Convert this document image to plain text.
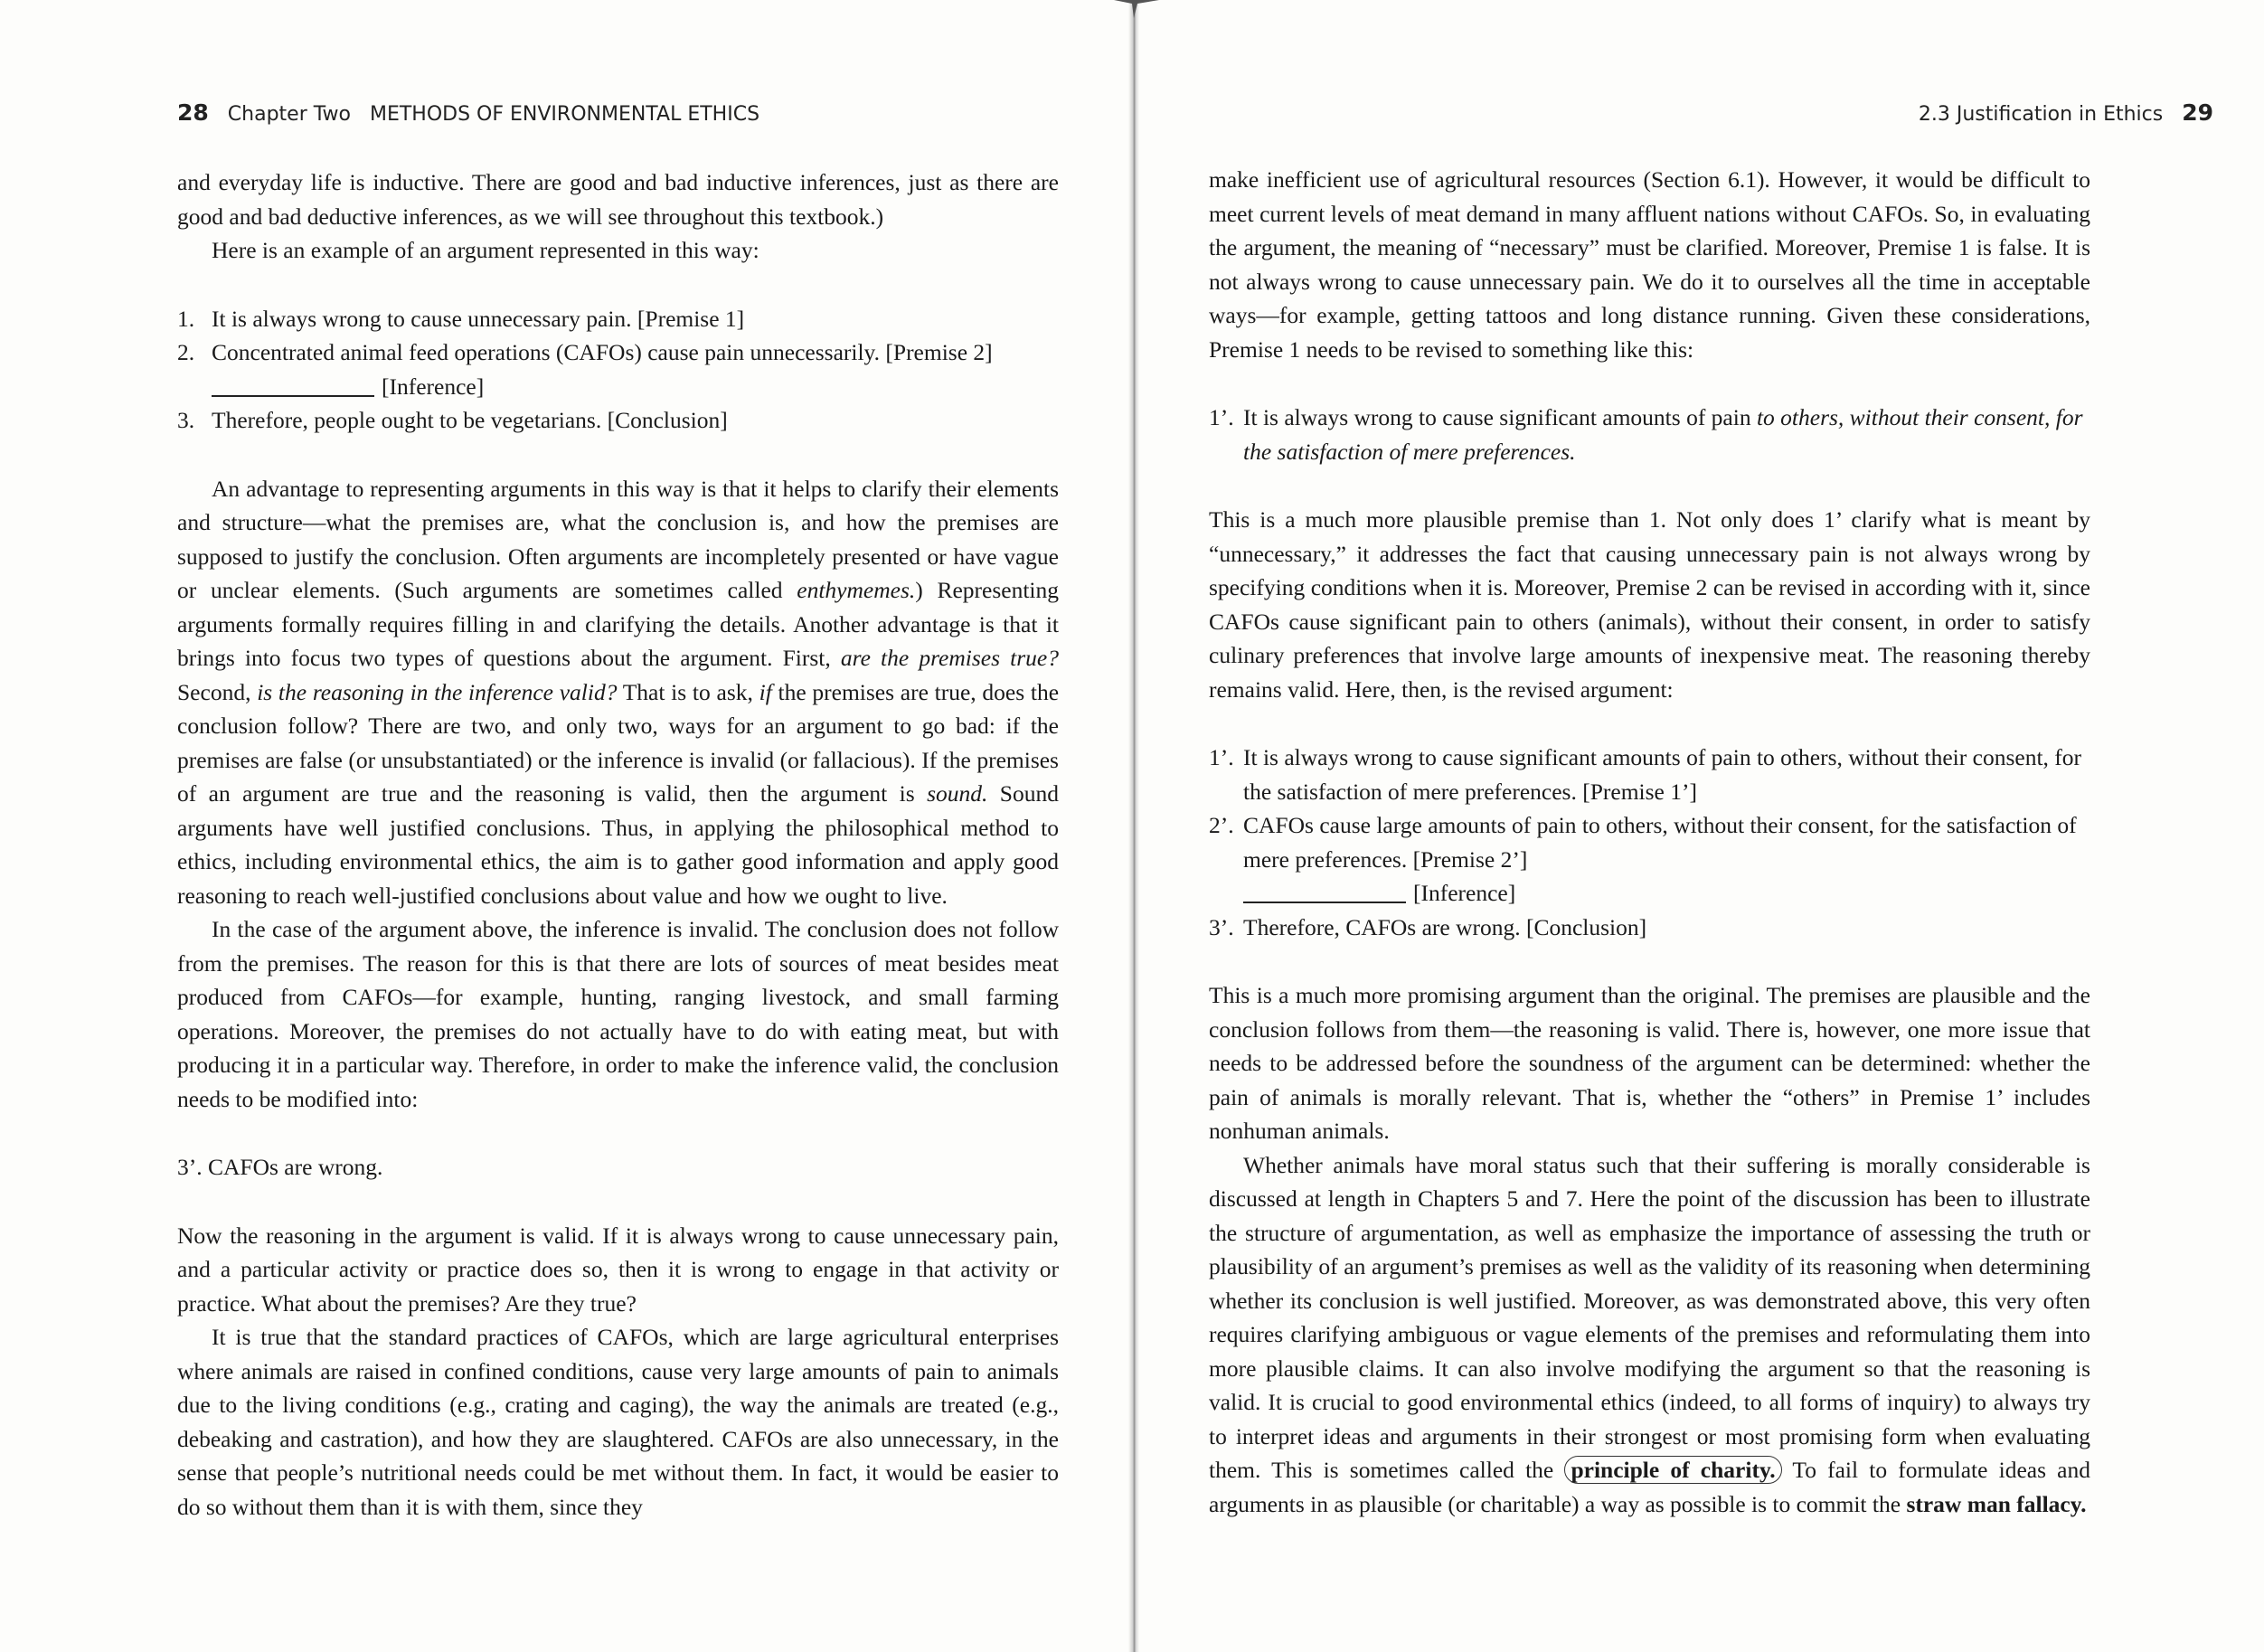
28 Chapter Two METHODS OF ENVIRONMENTAL ETHICS

and everyday life is inductive. There are good and bad inductive inferences, just as there are good and bad deductive inferences, as we will see throughout this textbook.)

Here is an example of an argument represented in this way:

1. It is always wrong to cause unnecessary pain. [Premise 1]
2. Concentrated animal feed operations (CAFOs) cause pain unnecessarily. [Premise 2]
[Inference]
3. Therefore, people ought to be vegetarians. [Conclusion]

An advantage to representing arguments in this way is that it helps to clarify their elements and structure—what the premises are, what the conclusion is, and how the premises are supposed to justify the conclusion. Often arguments are incompletely presented or have vague or unclear elements. (Such arguments are sometimes called enthymemes.) Representing arguments formally requires filling in and clarifying the details. Another advantage is that it brings into focus two types of questions about the argument. First, are the premises true? Second, is the reasoning in the inference valid? That is to ask, if the premises are true, does the conclusion follow? There are two, and only two, ways for an argument to go bad: if the premises are false (or unsubstantiated) or the inference is invalid (or fallacious). If the premises of an argument are true and the reasoning is valid, then the argument is sound. Sound arguments have well justified conclusions. Thus, in applying the philosophical method to ethics, including environmental ethics, the aim is to gather good information and apply good reasoning to reach well-justified conclusions about value and how we ought to live.

In the case of the argument above, the inference is invalid. The conclusion does not follow from the premises. The reason for this is that there are lots of sources of meat besides meat produced from CAFOs—for example, hunting, ranging livestock, and small farming operations. Moreover, the premises do not actually have to do with eating meat, but with producing it in a particular way. Therefore, in order to make the inference valid, the conclusion needs to be modified into:

3’. CAFOs are wrong.

Now the reasoning in the argument is valid. If it is always wrong to cause unnecessary pain, and a particular activity or practice does so, then it is wrong to engage in that activity or practice. What about the premises? Are they true?

It is true that the standard practices of CAFOs, which are large agricultural enterprises where animals are raised in confined conditions, cause very large amounts of pain to animals due to the living conditions (e.g., crating and caging), the way the animals are treated (e.g., debeaking and castration), and how they are slaughtered. CAFOs are also unnecessary, in the sense that people’s nutritional needs could be met without them. In fact, it would be easier to do so without them than it is with them, since they

2.3 Justification in Ethics 29

make inefficient use of agricultural resources (Section 6.1). However, it would be difficult to meet current levels of meat demand in many affluent nations without CAFOs. So, in evaluating the argument, the meaning of “necessary” must be clarified. Moreover, Premise 1 is false. It is not always wrong to cause unnecessary pain. We do it to ourselves all the time in acceptable ways—for example, getting tattoos and long distance running. Given these considerations, Premise 1 needs to be revised to something like this:

1’. It is always wrong to cause significant amounts of pain to others, without their consent, for the satisfaction of mere preferences.

This is a much more plausible premise than 1. Not only does 1’ clarify what is meant by “unnecessary,” it addresses the fact that causing unnecessary pain is not always wrong by specifying conditions when it is. Moreover, Premise 2 can be revised in according with it, since CAFOs cause significant pain to others (animals), without their consent, in order to satisfy culinary preferences that involve large amounts of inexpensive meat. The reasoning thereby remains valid. Here, then, is the revised argument:

1’. It is always wrong to cause significant amounts of pain to others, without their consent, for the satisfaction of mere preferences. [Premise 1’]
2’. CAFOs cause large amounts of pain to others, without their consent, for the satisfaction of mere preferences. [Premise 2’]
[Inference]
3’. Therefore, CAFOs are wrong. [Conclusion]

This is a much more promising argument than the original. The premises are plausible and the conclusion follows from them—the reasoning is valid. There is, however, one more issue that needs to be addressed before the soundness of the argument can be determined: whether the pain of animals is morally relevant. That is, whether the “others” in Premise 1’ includes nonhuman animals.

Whether animals have moral status such that their suffering is morally considerable is discussed at length in Chapters 5 and 7. Here the point of the discussion has been to illustrate the structure of argumentation, as well as emphasize the importance of assessing the truth or plausibility of an argument’s premises as well as the validity of its reasoning when determining whether its conclusion is well justified. Moreover, as was demonstrated above, this very often requires clarifying ambiguous or vague elements of the premises and reformulating them into more plausible claims. It can also involve modifying the argument so that the reasoning is valid. It is crucial to good environmental ethics (indeed, to all forms of inquiry) to always try to interpret ideas and arguments in their strongest or most promising form when evaluating them. This is sometimes called the principle of charity. To fail to formulate ideas and arguments in as plausible (or charitable) a way as possible is to commit the straw man fallacy.
